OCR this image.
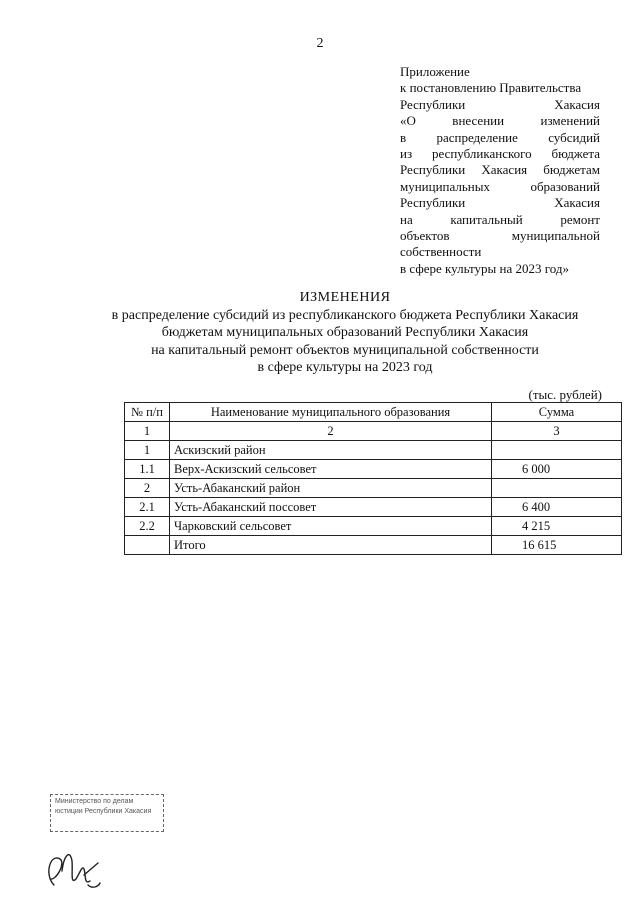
2
Приложение
к постановлению Правительства
Республики Хакасия
«О внесении изменений
в распределение субсидий
из республиканского бюджета
Республики Хакасия бюджетам
муниципальных образований
Республики Хакасия
на капитальный ремонт
объектов муниципальной
собственности
в сфере культуры на 2023 год»
ИЗМЕНЕНИЯ
в распределение субсидий из республиканского бюджета Республики Хакасия
бюджетам муниципальных образований Республики Хакасия
на капитальный ремонт объектов муниципальной собственности
в сфере культуры на 2023 год
(тыс. рублей)
№ п/п	Наименование муниципального образования	Сумма
1	2	3
1	Аскизский район	
1.1	Верх-Аскизский сельсовет	6 000
2	Усть-Абаканский район	
2.1	Усть-Абаканский поссовет	6 400
2.2	Чарковский сельсовет	4 215
	Итого	16 615
Министерство по делам
юстиции Республики Хакасия
